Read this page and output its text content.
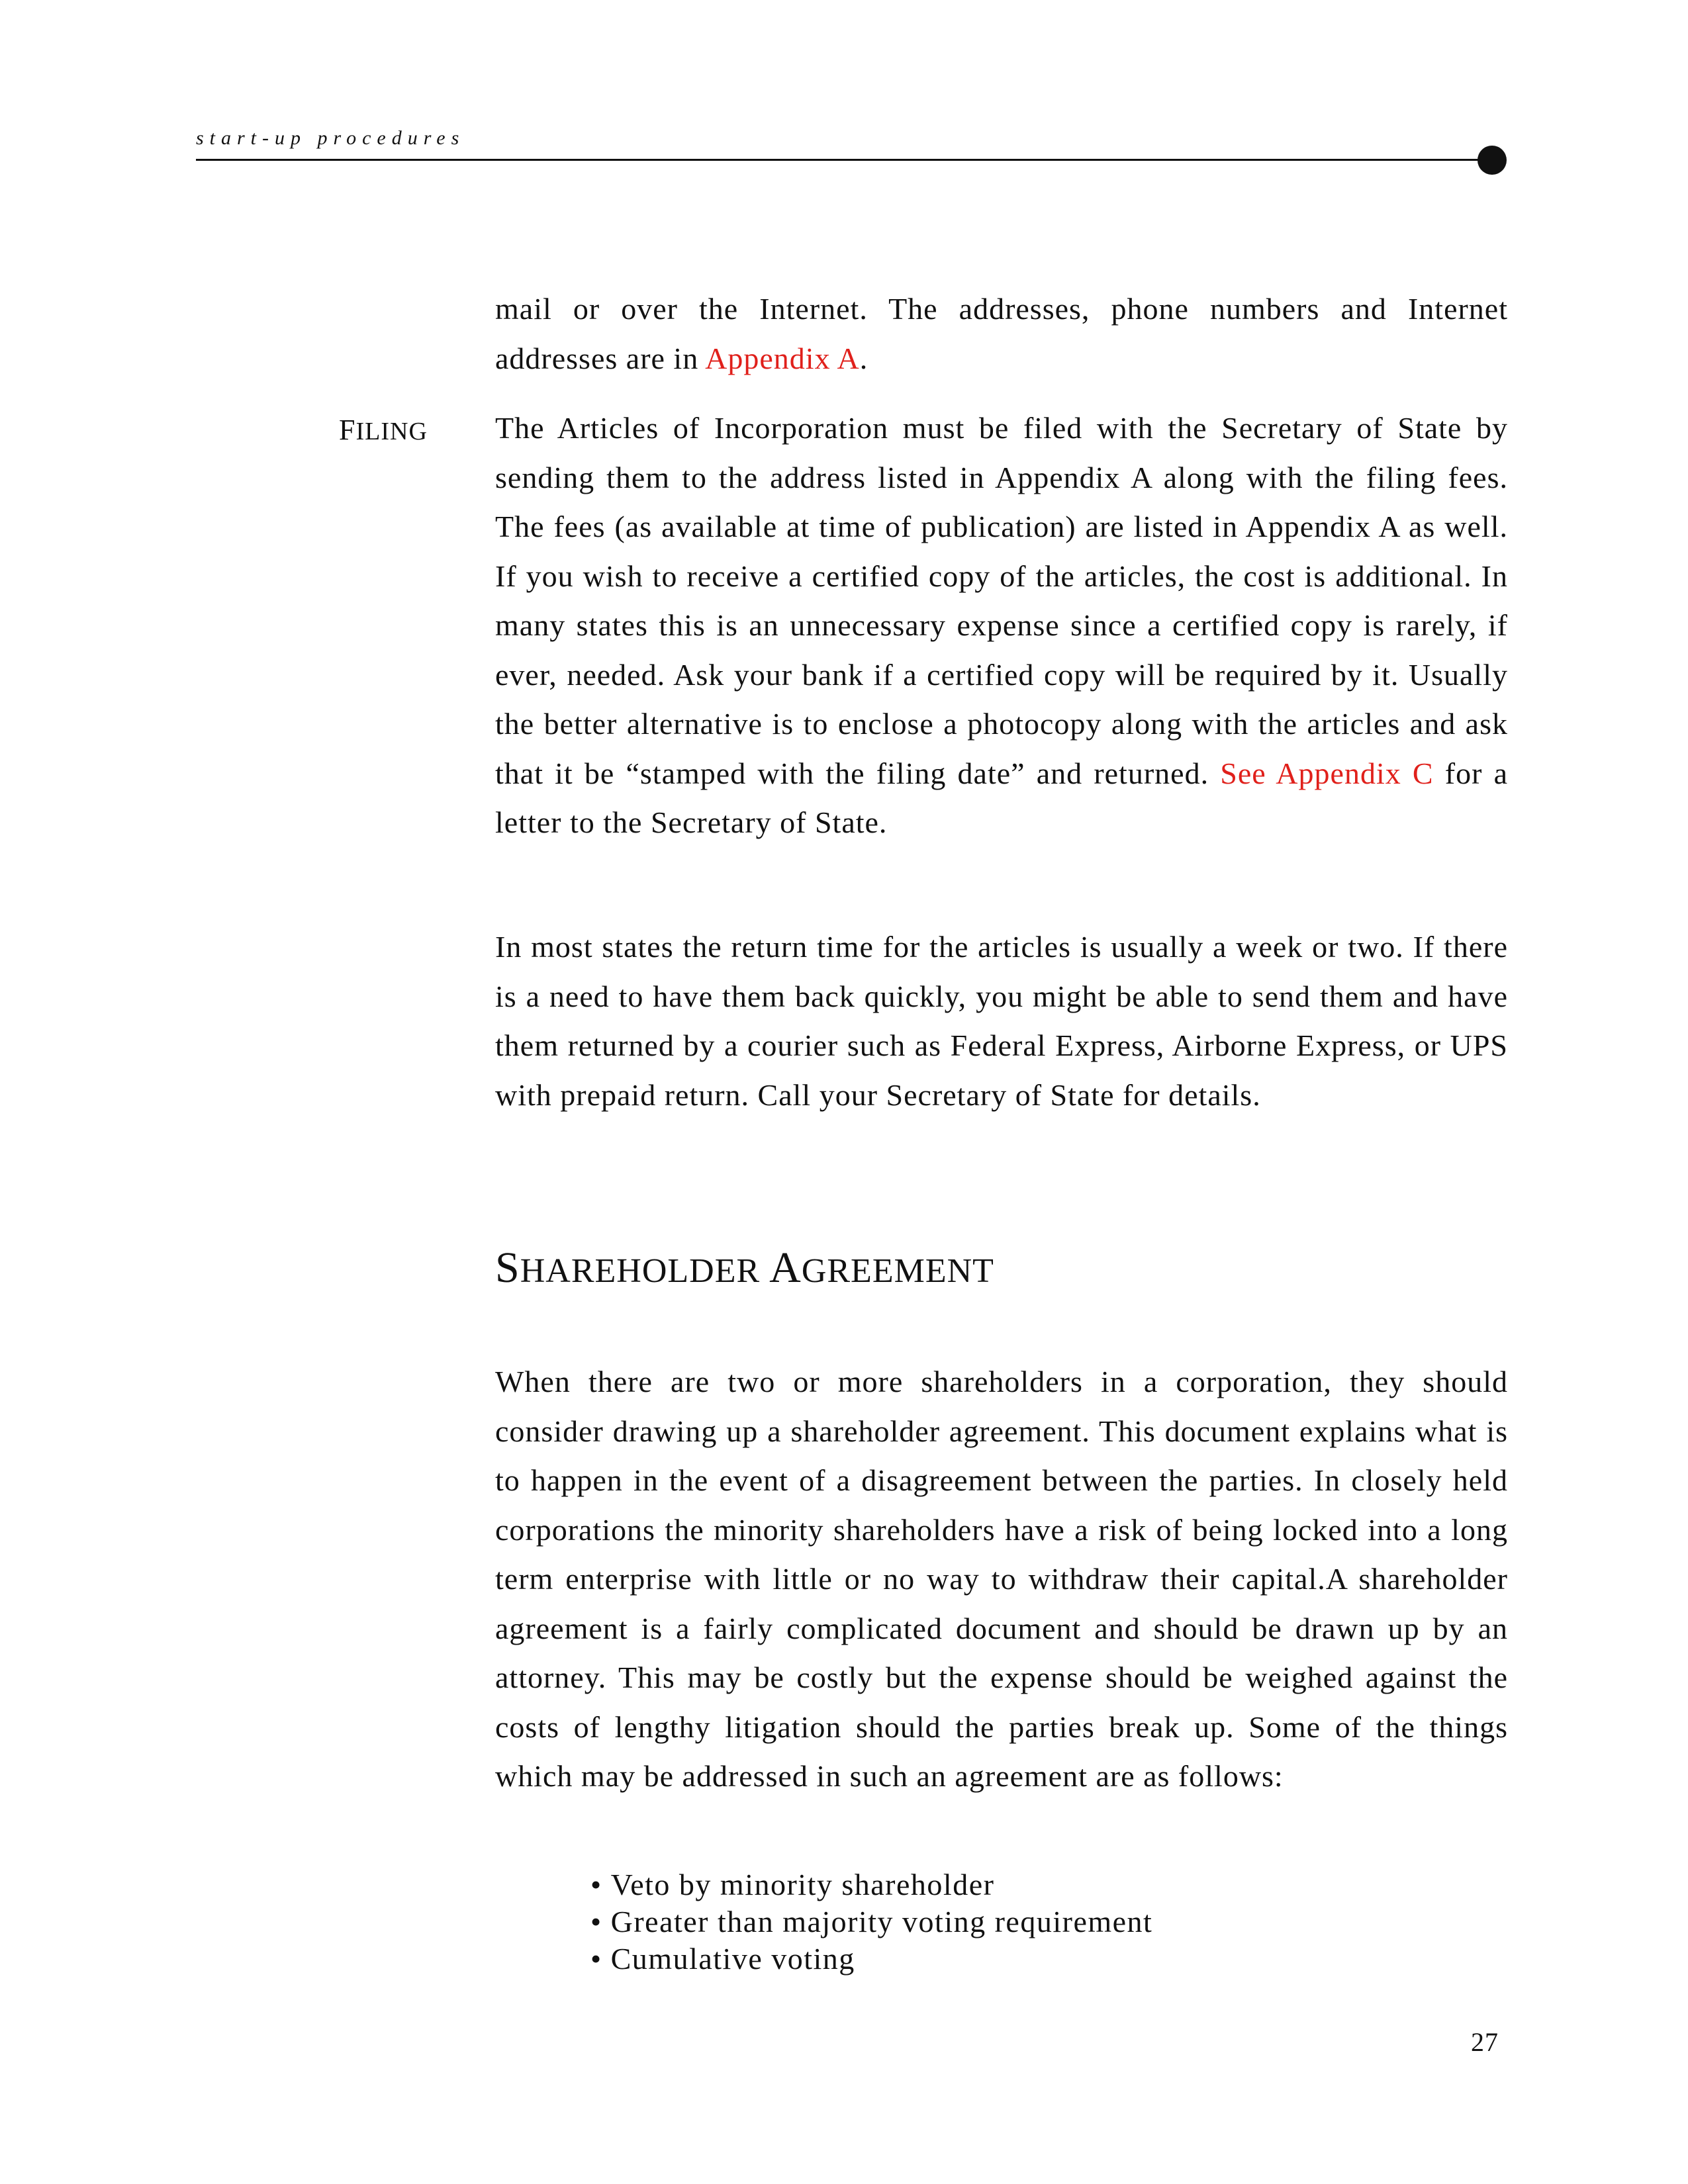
start-up procedures

mail or over the Internet. The addresses, phone numbers and Internet addresses are in Appendix A.

FILING The Articles of Incorporation must be filed with the Secretary of State by sending them to the address listed in Appendix A along with the filing fees. The fees (as available at time of publication) are listed in Appendix A as well. If you wish to receive a certified copy of the articles, the cost is additional. In many states this is an unnecessary expense since a certified copy is rarely, if ever, needed. Ask your bank if a certified copy will be required by it. Usually the better alternative is to enclose a photocopy along with the articles and ask that it be “stamped with the filing date” and returned. See Appendix C for a letter to the Secretary of State.

In most states the return time for the articles is usually a week or two. If there is a need to have them back quickly, you might be able to send them and have them returned by a courier such as Federal Express, Airborne Express, or UPS with prepaid return. Call your Secretary of State for details.

SHAREHOLDER AGREEMENT

When there are two or more shareholders in a corporation, they should consider drawing up a shareholder agreement. This document explains what is to happen in the event of a disagreement between the parties. In closely held corporations the minority shareholders have a risk of being locked into a long term enterprise with little or no way to withdraw their capital.A shareholder agreement is a fairly complicated document and should be drawn up by an attorney. This may be costly but the expense should be weighed against the costs of lengthy litigation should the parties break up. Some of the things which may be addressed in such an agreement are as follows:

• Veto by minority shareholder
• Greater than majority voting requirement
• Cumulative voting
27
